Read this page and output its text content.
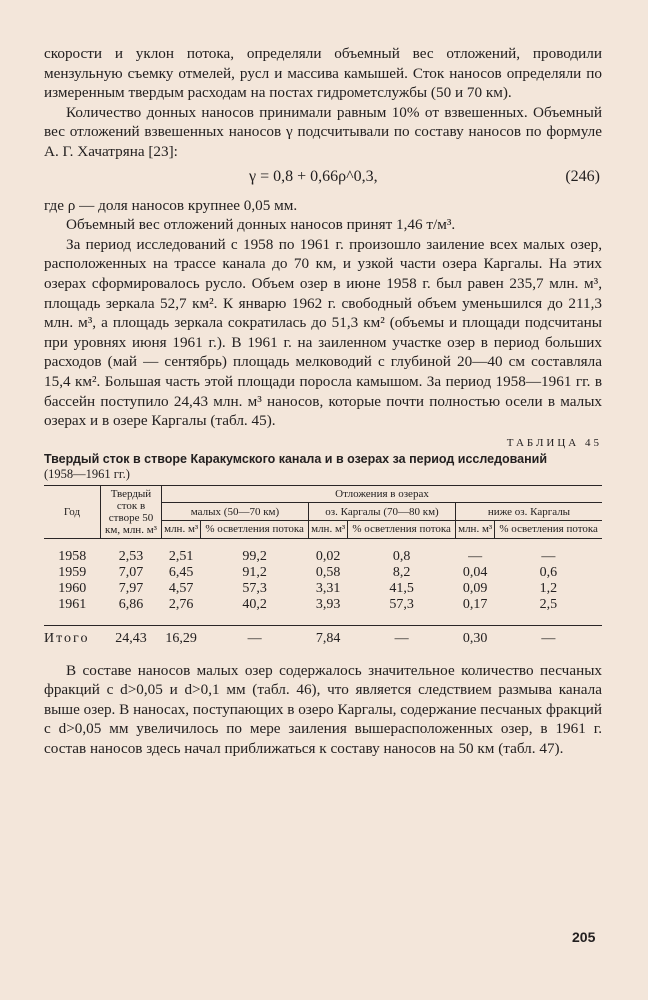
скорости и уклон потока, определяли объемный вес отложений, проводили мензульную съемку отмелей, русл и массива камышей. Сток наносов определяли по измеренным твердым расходам на постах гидрометслужбы (50 и 70 км).

Количество донных наносов принимали равным 10% от взвешенных. Объемный вес отложений взвешенных наносов γ подсчитывали по составу наносов по формуле А. Г. Хачатряна [23]:

γ = 0,8 + 0,66ρ^0,3,	(246)

где ρ — доля наносов крупнее 0,05 мм.

Объемный вес отложений донных наносов принят 1,46 т/м³.

За период исследований с 1958 по 1961 г. произошло заиление всех малых озер, расположенных на трассе канала до 70 км, и узкой части озера Каргалы. На этих озерах сформировалось русло. Объем озер в июне 1958 г. был равен 235,7 млн. м³, площадь зеркала 52,7 км². К январю 1962 г. свободный объем уменьшился до 211,3 млн. м³, а площадь зеркала сократилась до 51,3 км² (объемы и площади подсчитаны при уровнях июня 1961 г.). В 1961 г. на заиленном участке озер в период больших расходов (май — сентябрь) площадь мелководий с глубиной 20—40 см составляла 15,4 км². Большая часть этой площади поросла камышом. За период 1958—1961 гг. в бассейн поступило 24,43 млн. м³ наносов, которые почти полностью осели в малых озерах и в озере Каргалы (табл. 45).

ТАБЛИЦА 45
Твердый сток в створе Каракумского канала и в озерах за период исследований
(1958—1961 гг.)
Год	Твердый сток в створе 50 км, млн. м³	Отложения в озерах					
		малых (50—70 км)		оз. Каргалы (70—80 км)		ниже оз. Каргалы	
		млн. м³	% осветления потока	млн. м³	% осветления потока	млн. м³	% осветления потока
1958	2,53	2,51	99,2	0,02	0,8	—	—
1959	7,07	6,45	91,2	0,58	8,2	0,04	0,6
1960	7,97	4,57	57,3	3,31	41,5	0,09	1,2
1961	6,86	2,76	40,2	3,93	57,3	0,17	2,5
Итого	24,43	16,29	—	7,84	—	0,30	—

В составе наносов малых озер содержалось значительное количество песчаных фракций с d>0,05 и d>0,1 мм (табл. 46), что является следствием размыва канала выше озер. В наносах, поступающих в озеро Каргалы, содержание песчаных фракций с d>0,05 мм увеличилось по мере заиления вышерасположенных озер, в 1961 г. состав наносов здесь начал приближаться к составу наносов на 50 км (табл. 47).

205
